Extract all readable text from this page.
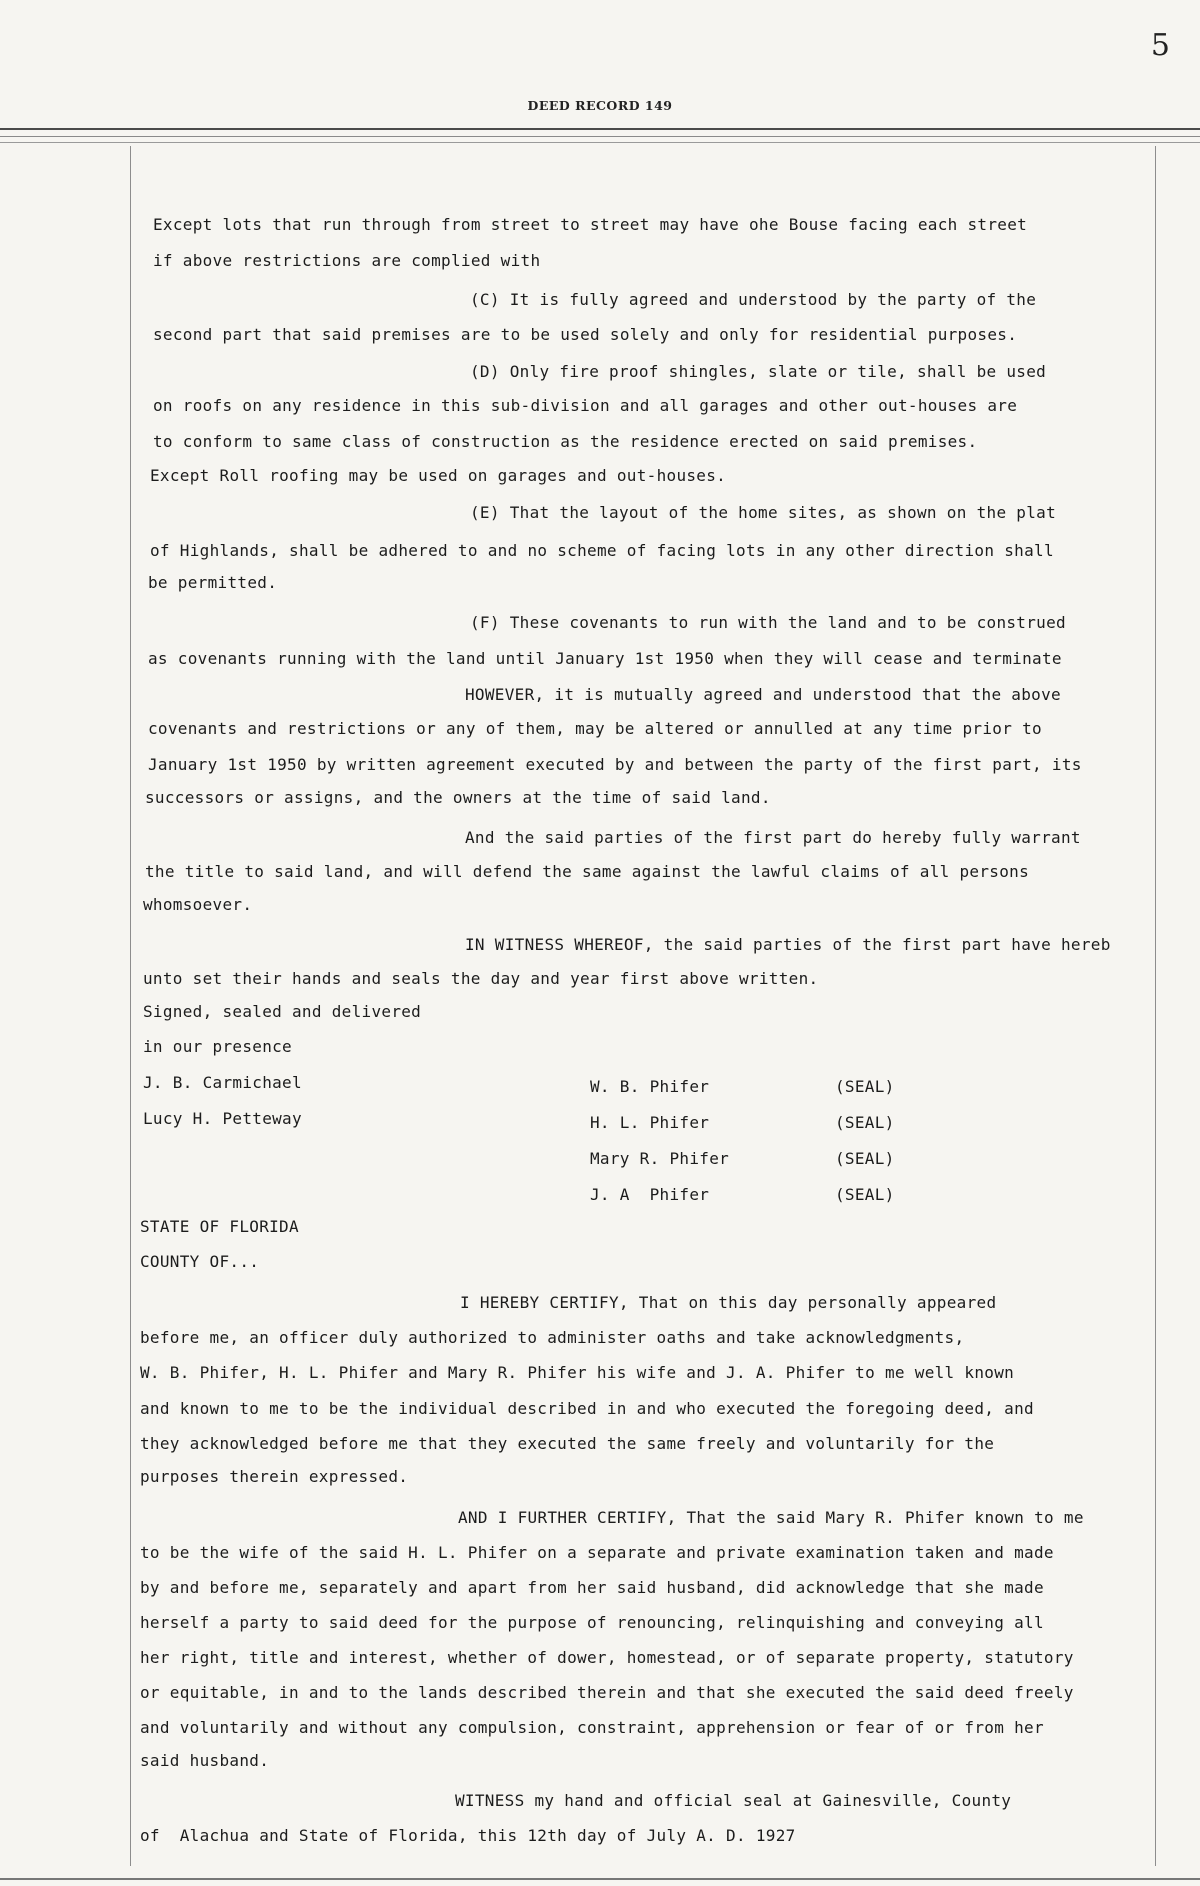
5
DEED RECORD 149
Except lots that run through from street to street may have ohe Bouse facing each street
if above restrictions are complied with
(C) It is fully agreed and understood by the party of the
second part that said premises are to be used solely and only for residential purposes.
(D) Only fire proof shingles, slate or tile, shall be used
on roofs on any residence in this sub-division and all garages and other out-houses are
to conform to same class of construction as the residence erected on said premises.
Except Roll roofing may be used on garages and out-houses.
(E) That the layout of the home sites, as shown on the plat
of Highlands, shall be adhered to and no scheme of facing lots in any other direction shall
be permitted.
(F) These covenants to run with the land and to be construed
as covenants running with the land until January 1st 1950 when they will cease and terminate
HOWEVER, it is mutually agreed and understood that the above
covenants and restrictions or any of them, may be altered or annulled at any time prior to
January 1st 1950 by written agreement executed by and between the party of the first part, its
successors or assigns, and the owners at the time of said land.
And the said parties of the first part do hereby fully warrant
the title to said land, and will defend the same against the lawful claims of all persons
whomsoever.
IN WITNESS WHEREOF, the said parties of the first part have hereb
unto set their hands and seals the day and year first above written.
Signed, sealed and delivered
in our presence
J. B. Carmichael
Lucy H. Petteway
W. B. Phifer	(SEAL)
H. L. Phifer	(SEAL)
Mary R. Phifer	(SEAL)
J. A  Phifer	(SEAL)
STATE OF FLORIDA
COUNTY OF...
I HEREBY CERTIFY, That on this day personally appeared
before me, an officer duly authorized to administer oaths and take acknowledgments,
W. B. Phifer, H. L. Phifer and Mary R. Phifer his wife and J. A. Phifer to me well known
and known to me to be the individual described in and who executed the foregoing deed, and
they acknowledged before me that they executed the same freely and voluntarily for the
purposes therein expressed.
AND I FURTHER CERTIFY, That the said Mary R. Phifer known to me
to be the wife of the said H. L. Phifer on a separate and private examination taken and made
by and before me, separately and apart from her said husband, did acknowledge that she made
herself a party to said deed for the purpose of renouncing, relinquishing and conveying all
her right, title and interest, whether of dower, homestead, or of separate property, statutory
or equitable, in and to the lands described therein and that she executed the said deed freely
and voluntarily and without any compulsion, constraint, apprehension or fear of or from her
said husband.
WITNESS my hand and official seal at Gainesville, County
of  Alachua and State of Florida, this 12th day of July A. D. 1927
